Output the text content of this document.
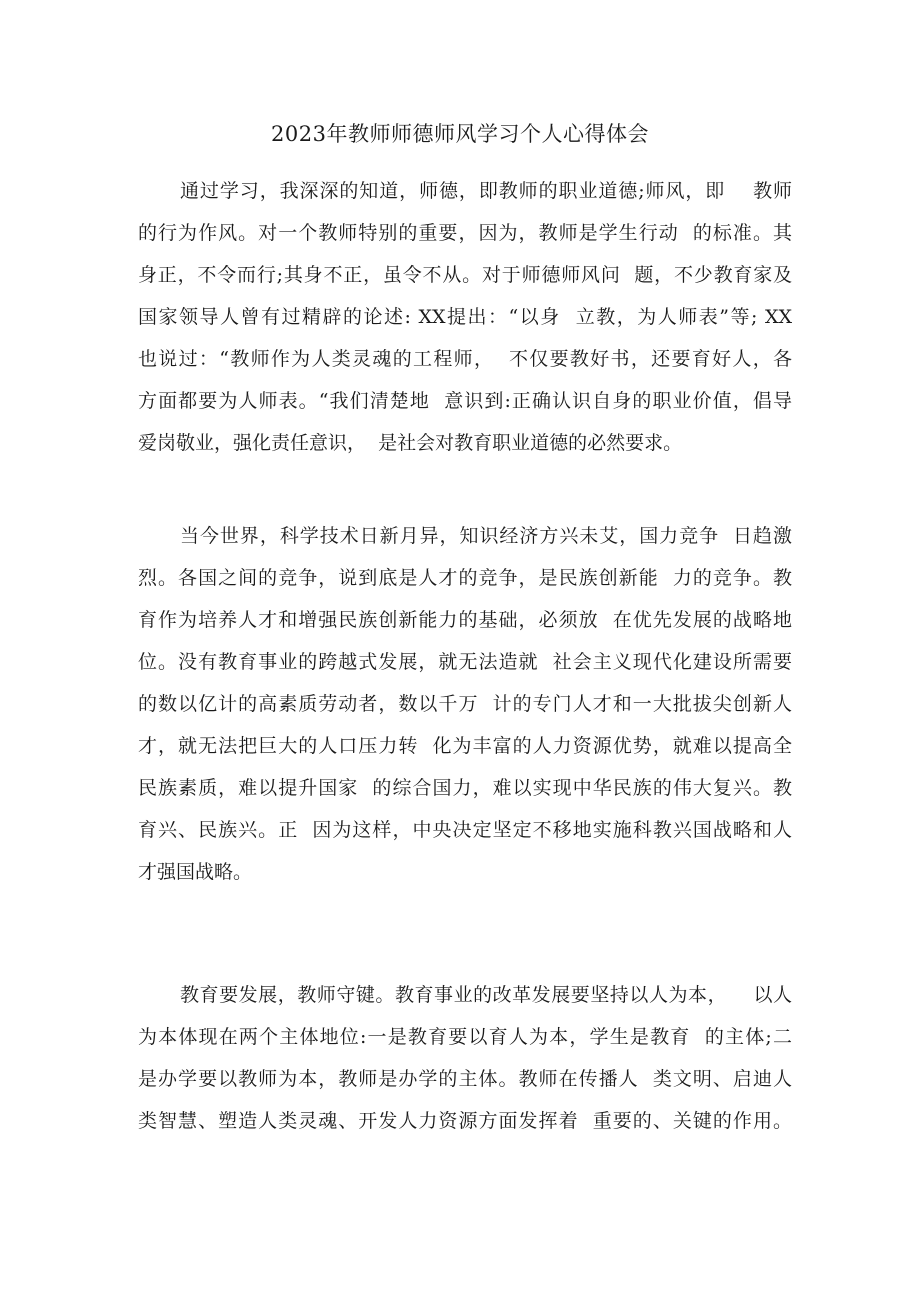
2023年教师师德师风学习个人心得体会
通过学习，我深深的知道，师德，即教师的职业道德;师风，即    教师
的行为作风。对一个教师特别的重要，因为，教师是学生行动  的标准。其
身正，不令而行;其身不正，虽令不从。对于师德师风问  题，不少教育家及
国家领导人曾有过精辟的论述: XX提出：“以身  立教，为人师表”等; XX
也说过：“教师作为人类灵魂的工程师，  不仅要教好书，还要育好人，各
方面都要为人师表。“我们清楚地  意识到:正确认识自身的职业价值，倡导
爱岗敬业，强化责任意识，  是社会对教育职业道德的必然要求。
当今世界，科学技术日新月异，知识经济方兴未艾，国力竞争  日趋激
烈。各国之间的竞争，说到底是人才的竞争，是民族创新能  力的竞争。教
育作为培养人才和增强民族创新能力的基础，必须放  在优先发展的战略地
位。没有教育事业的跨越式发展，就无法造就  社会主义现代化建设所需要
的数以亿计的高素质劳动者，数以千万  计的专门人才和一大批拔尖创新人
才，就无法把巨大的人口压力转  化为丰富的人力资源优势，就难以提高全
民族素质，难以提升国家  的综合国力，难以实现中华民族的伟大复兴。教
育兴、民族兴。正  因为这样，中央决定坚定不移地实施科教兴国战略和人
才强国战略。
教育要发展，教师守键。教育事业的改革发展要坚持以人为本，    以人
为本体现在两个主体地位:一是教育要以育人为本，学生是教育  的主体;二
是办学要以教师为本，教师是办学的主体。教师在传播人  类文明、启迪人
类智慧、塑造人类灵魂、开发人力资源方面发挥着  重要的、关键的作用。
